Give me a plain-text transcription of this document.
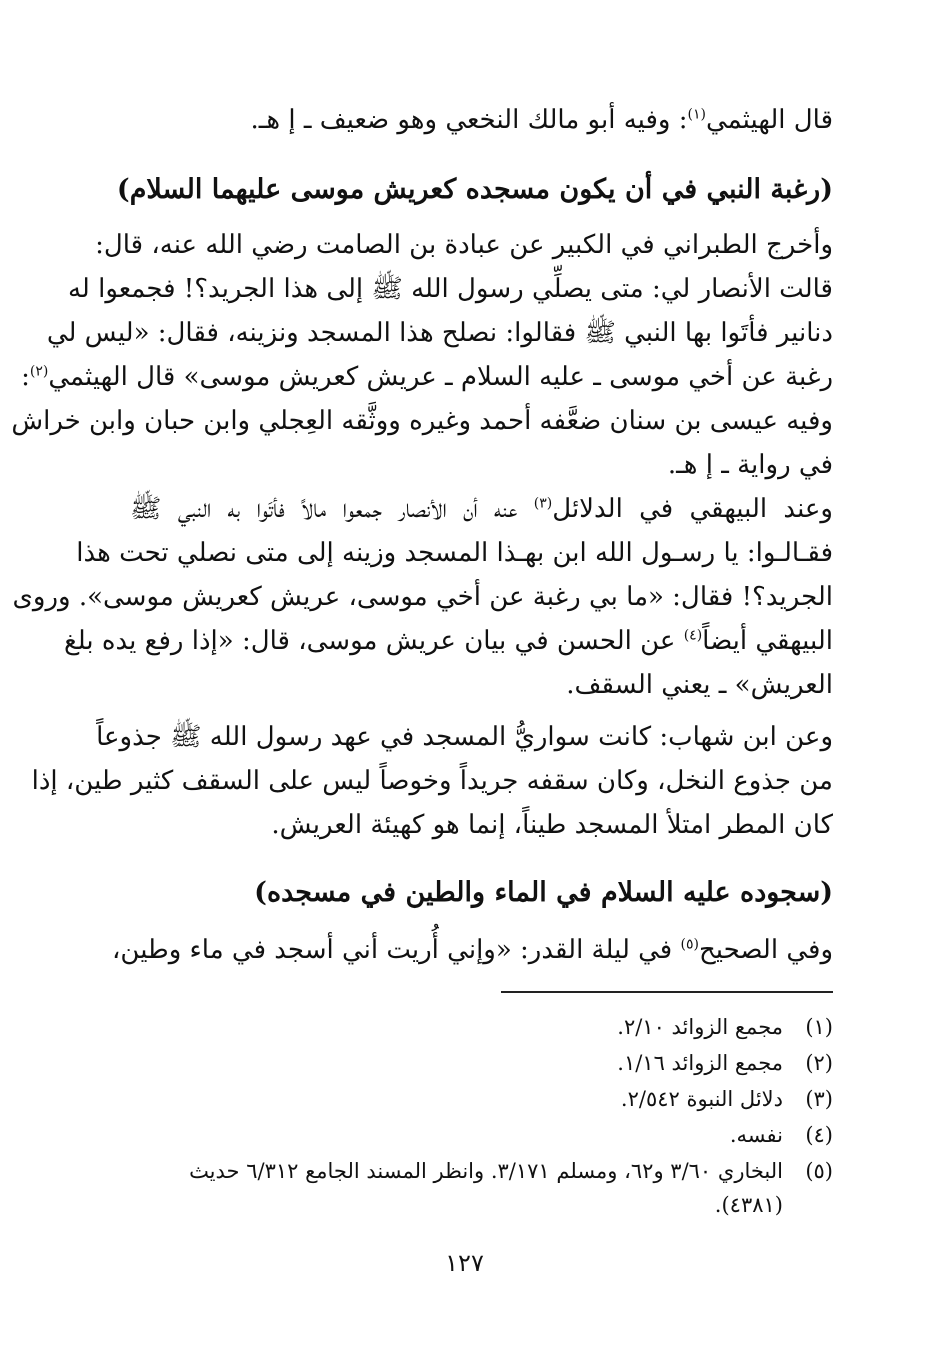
قال الهيثمي$^{(١)}$: وفيه أبو مالك النخعي وهو ضعيف ـ إ هـ.
(رغبة النبي في أن يكون مسجده كعريش موسى عليهما السلام)
وأخرج الطبراني في الكبير عن عبادة بن الصامت رضي الله عنه، قال:
قالت الأنصار لي: متى يصلِّي رسول الله ﷺ إلى هذا الجريد؟! فجمعوا له
دنانير فأتَوا بها النبي ﷺ فقالوا: نصلح هذا المسجد ونزينه، فقال: «ليس لي
رغبة عن أخي موسى ـ عليه السلام ـ عريش كعريش موسى» قال الهيثمي$^{(٢)}$:
وفيه عيسى بن سنان ضعَّفه أحمد وغيره ووثَّقه العِجلي وابن حبان وابن خراش
في رواية ـ إ هـ.
وعند البيهقي في الدلائل$^{(٣)}$ عنه أن الأنصار جمعوا مالاً فأتَوا به النبي ﷺ
فقـالـوا: يا رسـول الله ابن بهـذا المسجد وزينه إلى متى نصلي تحت هذا
الجريد؟! فقال: «ما بي رغبة عن أخي موسى، عريش كعريش موسى». وروى
البيهقي أيضاً$^{(٤)}$ عن الحسن في بيان عريش موسى، قال: «إذا رفع يده بلغ
العريش» ـ يعني السقف.
وعن ابن شهاب: كانت سواريُّ المسجد في عهد رسول الله ﷺ جذوعاً
من جذوع النخل، وكان سقفه جريداً وخوصاً ليس على السقف كثير طين، إذا
كان المطر امتلأ المسجد طيناً، إنما هو كهيئة العريش.
(سجوده عليه السلام في الماء والطين في مسجده)
وفي الصحيح$^{(٥)}$ في ليلة القدر: «وإني أُريت أني أسجد في ماء وطين،
(١)مجمع الزوائد ٢/١٠.
(٢)مجمع الزوائد ١/١٦.
(٣)دلائل النبوة ٢/٥٤٢.
(٤)نفسه.
(٥)البخاري ٣/٦٠ و٦٢، ومسلم ٣/١٧١. وانظر المسند الجامع ٦/٣١٢ حديث
(٤٣٨١).
١٢٧
